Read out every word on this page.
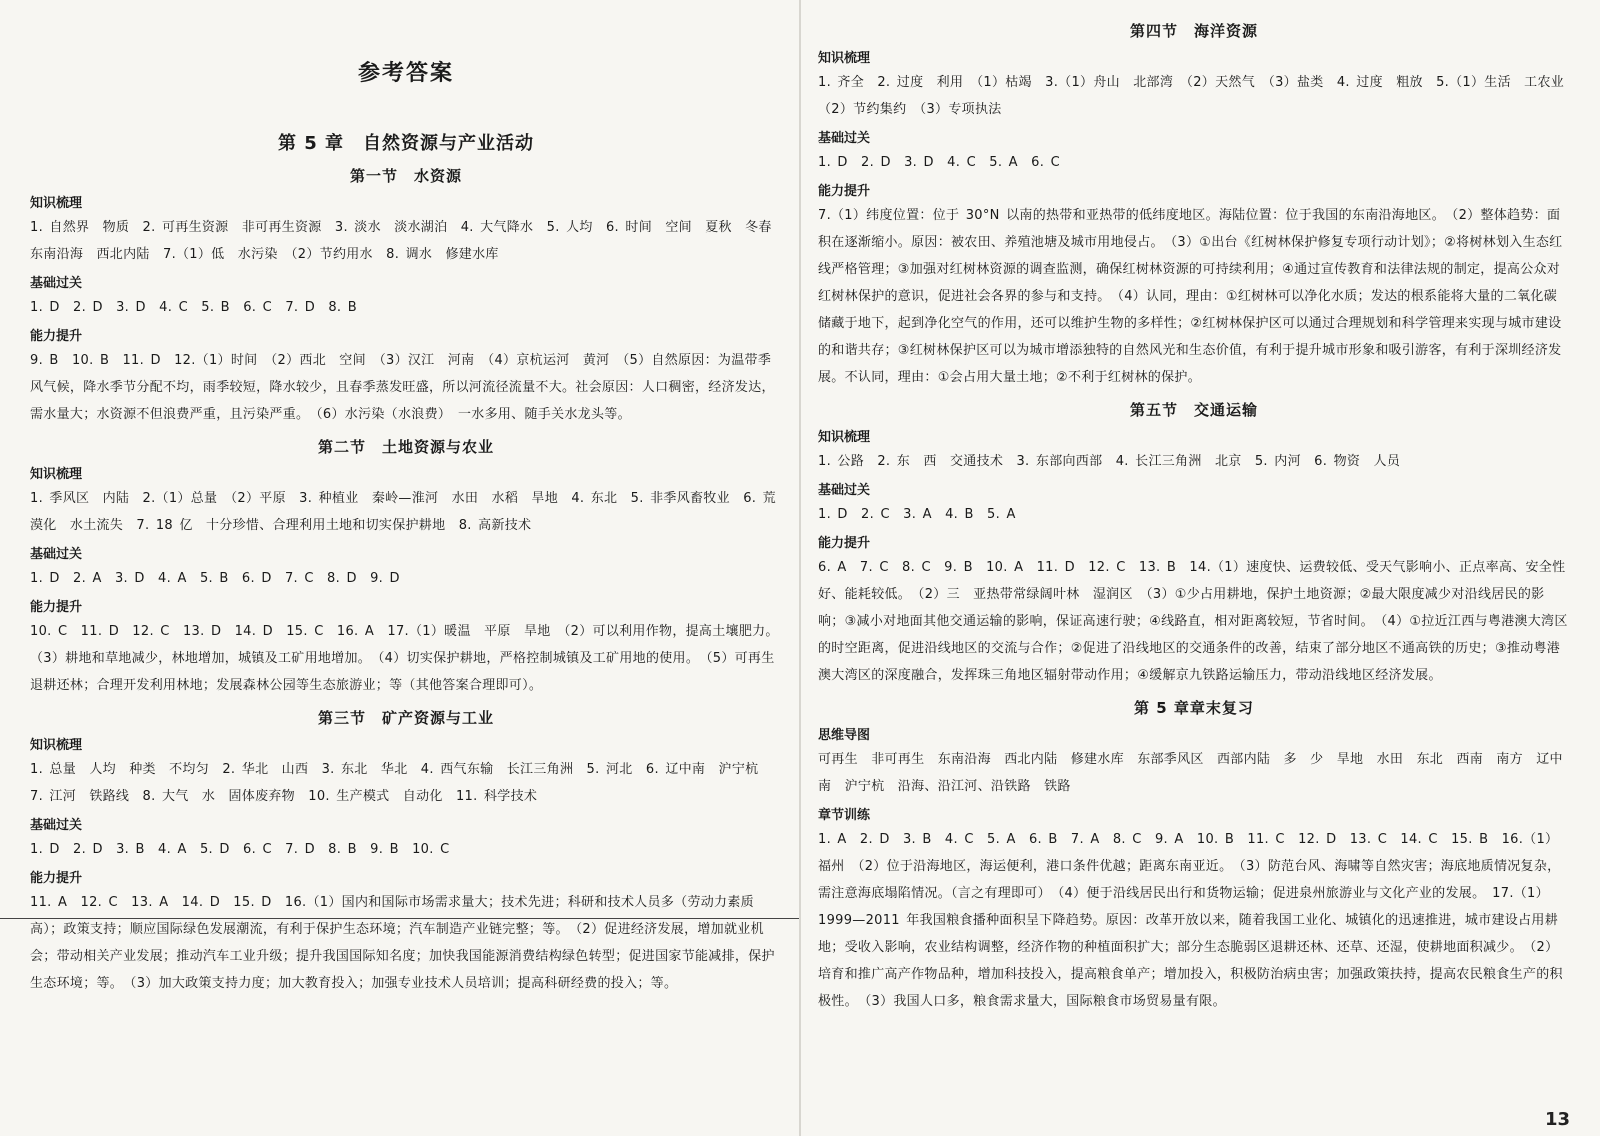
参考答案
第 5 章　自然资源与产业活动
第一节　水资源
知识梳理

1. 自然界　物质　2. 可再生资源　非可再生资源　3. 淡水　淡水湖泊　4. 大气降水　5. 人均　6. 时间　空间　夏秋　冬春　东南沿海　西北内陆　7.（1）低　水污染　（2）节约用水　8. 调水　修建水库

基础过关

1. D　2. D　3. D　4. C　5. B　6. C　7. D　8. B

能力提升

9. B　10. B　11. D　12.（1）时间　（2）西北　空间　（3）汉江　河南　（4）京杭运河　黄河　（5）自然原因：为温带季风气候，降水季节分配不均，雨季较短，降水较少，且春季蒸发旺盛，所以河流径流量不大。社会原因：人口稠密，经济发达，需水量大；水资源不但浪费严重，且污染严重。　（6）水污染（水浪费）　一水多用、随手关水龙头等。

第二节　土地资源与农业
知识梳理

1. 季风区　内陆　2.（1）总量　（2）平原　3. 种植业　秦岭—淮河　水田　水稻　旱地　4. 东北　5. 非季风畜牧业　6. 荒漠化　水土流失　7. 18 亿　十分珍惜、合理利用土地和切实保护耕地　8. 高新技术

基础过关

1. D　2. A　3. D　4. A　5. B　6. D　7. C　8. D　9. D

能力提升

10. C　11. D　12. C　13. D　14. D　15. C　16. A　17.（1）暖温　平原　旱地　（2）可以利用作物，提高土壤肥力。　（3）耕地和草地减少，林地增加，城镇及工矿用地增加。　（4）切实保护耕地，严格控制城镇及工矿用地的使用。　（5）可再生　退耕还林；合理开发利用林地；发展森林公园等生态旅游业；等（其他答案合理即可）。

第三节　矿产资源与工业
知识梳理

1. 总量　人均　种类　不均匀　2. 华北　山西　3. 东北　华北　4. 西气东输　长江三角洲　5. 河北　6. 辽中南　沪宁杭　7. 江河　铁路线　8. 大气　水　固体废弃物　10. 生产模式　自动化　11. 科学技术

基础过关

1. D　2. D　3. B　4. A　5. D　6. C　7. D　8. B　9. B　10. C

能力提升

11. A　12. C　13. A　14. D　15. D　16.（1）国内和国际市场需求量大；技术先进；科研和技术人员多（劳动力素质高）；政策支持；顺应国际绿色发展潮流，有利于保护生态环境；汽车制造产业链完整；等。　（2）促进经济发展，增加就业机会；带动相关产业发展；推动汽车工业升级；提升我国国际知名度；加快我国能源消费结构绿色转型；促进国家节能减排，保护生态环境；等。　（3）加大政策支持力度；加大教育投入；加强专业技术人员培训；提高科研经费的投入；等。

第四节　海洋资源
知识梳理

1. 齐全　2. 过度　利用　（1）枯竭　3.（1）舟山　北部湾　（2）天然气　（3）盐类　4. 过度　粗放　5.（1）生活　工农业　（2）节约集约　（3）专项执法

基础过关

1. D　2. D　3. D　4. C　5. A　6. C

能力提升

7.（1）纬度位置：位于 30°N 以南的热带和亚热带的低纬度地区。海陆位置：位于我国的东南沿海地区。　（2）整体趋势：面积在逐渐缩小。原因：被农田、养殖池塘及城市用地侵占。　（3）①出台《红树林保护修复专项行动计划》；②将树林划入生态红线严格管理；③加强对红树林资源的调查监测，确保红树林资源的可持续利用；④通过宣传教育和法律法规的制定，提高公众对红树林保护的意识，促进社会各界的参与和支持。　（4）认同，理由：①红树林可以净化水质；发达的根系能将大量的二氧化碳储藏于地下，起到净化空气的作用，还可以维护生物的多样性；②红树林保护区可以通过合理规划和科学管理来实现与城市建设的和谐共存；③红树林保护区可以为城市增添独特的自然风光和生态价值，有利于提升城市形象和吸引游客，有利于深圳经济发展。不认同，理由：①会占用大量土地；②不利于红树林的保护。

第五节　交通运输
知识梳理

1. 公路　2. 东　西　交通技术　3. 东部向西部　4. 长江三角洲　北京　5. 内河　6. 物资　人员

基础过关

1. D　2. C　3. A　4. B　5. A

能力提升

6. A　7. C　8. C　9. B　10. A　11. D　12. C　13. B　14.（1）速度快、运费较低、受天气影响小、正点率高、安全性好、能耗较低。　（2）三　亚热带常绿阔叶林　湿润区　（3）①少占用耕地，保护土地资源；②最大限度减少对沿线居民的影响；③减小对地面其他交通运输的影响，保证高速行驶；④线路直，相对距离较短，节省时间。　（4）①拉近江西与粤港澳大湾区的时空距离，促进沿线地区的交流与合作；②促进了沿线地区的交通条件的改善，结束了部分地区不通高铁的历史；③推动粤港澳大湾区的深度融合，发挥珠三角地区辐射带动作用；④缓解京九铁路运输压力，带动沿线地区经济发展。

第 5 章章末复习
思维导图

可再生　非可再生　东南沿海　西北内陆　修建水库　东部季风区　西部内陆　多　少　旱地　水田　东北　西南　南方　辽中南　沪宁杭　沿海、沿江河、沿铁路　铁路

章节训练

1. A　2. D　3. B　4. C　5. A　6. B　7. A　8. C　9. A　10. B　11. C　12. D　13. C　14. C　15. B　16.（1）福州　（2）位于沿海地区，海运便利，港口条件优越；距离东南亚近。　（3）防范台风、海啸等自然灾害；海底地质情况复杂，需注意海底塌陷情况。（言之有理即可）　（4）便于沿线居民出行和货物运输；促进泉州旅游业与文化产业的发展。　17.（1）1999—2011 年我国粮食播种面积呈下降趋势。原因：改革开放以来，随着我国工业化、城镇化的迅速推进，城市建设占用耕地；受收入影响，农业结构调整，经济作物的种植面积扩大；部分生态脆弱区退耕还林、还草、还湿，使耕地面积减少。　（2）培育和推广高产作物品种，增加科技投入，提高粮食单产；增加投入，积极防治病虫害；加强政策扶持，提高农民粮食生产的积极性。　（3）我国人口多，粮食需求量大，国际粮食市场贸易量有限。

13
